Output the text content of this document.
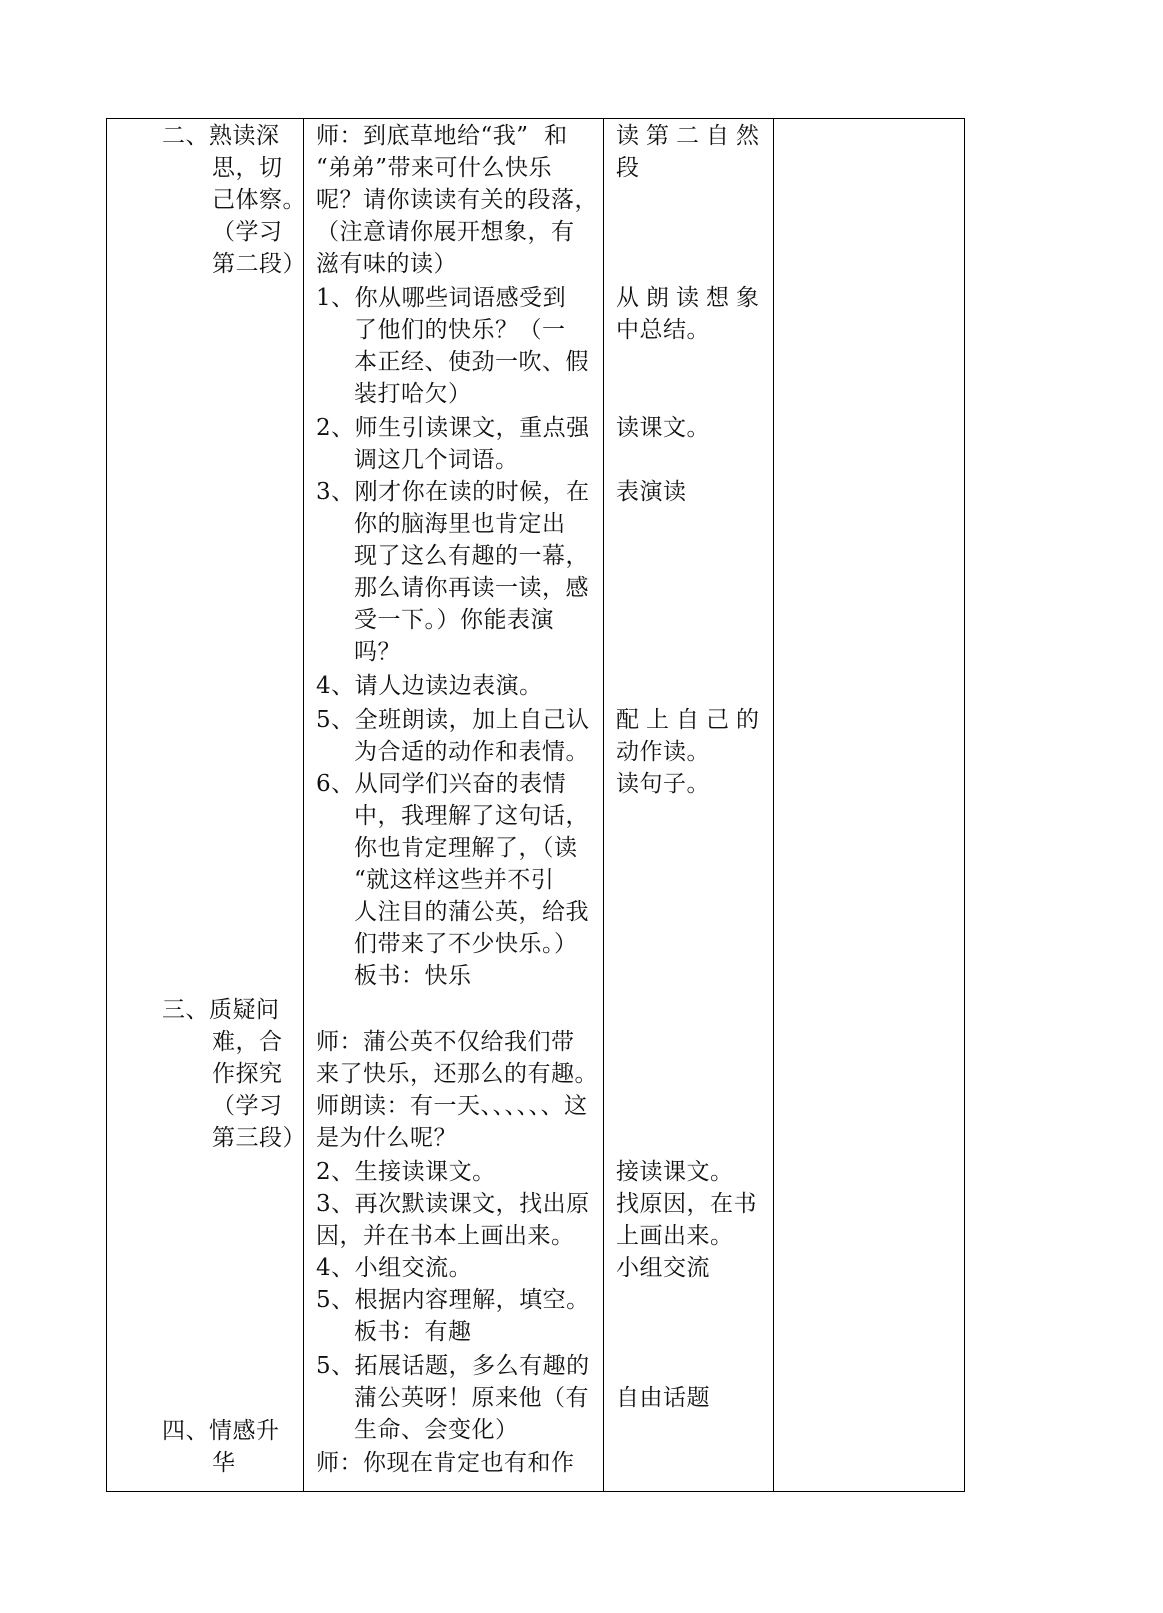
二、熟读深
思，切
己体察。
（学习
第二段）
三、质疑问
难，合
作探究
（学习
第三段）
四、情感升
华
师：到底草地给“我”  和
“弟弟”带来可什么快乐
呢？请你读读有关的段落，
（注意请你展开想象，有
滋有味的读）
1、你从哪些词语感受到
了他们的快乐？（一
本正经、使劲一吹、假
装打哈欠）
2、师生引读课文，重点强
调这几个词语。
3、刚才你在读的时候，在
你的脑海里也肯定出
现了这么有趣的一幕，
那么请你再读一读，感
受一下。）你能表演
吗？
4、请人边读边表演。
5、全班朗读，加上自己认
为合适的动作和表情。
6、从同学们兴奋的表情
中，我理解了这句话，
你也肯定理解了，（读
“就这样这些并不引
人注目的蒲公英，给我
们带来了不少快乐。）
板书：快乐
师：蒲公英不仅给我们带
来了快乐，还那么的有趣。
师朗读：有一天、、、、、、这
是为什么呢？
2、生接读课文。
3、再次默读课文，找出原
因，并在书本上画出来。
4、小组交流。
5、根据内容理解，填空。
板书：有趣
5、拓展话题，多么有趣的
蒲公英呀！原来他（有
生命、会变化）
师：你现在肯定也有和作
读第二自然
段
从朗读想象
中总结。
读课文。
表演读
配上自己的
动作读。
读句子。
接读课文。
找原因，在书
上画出来。
小组交流
自由话题
